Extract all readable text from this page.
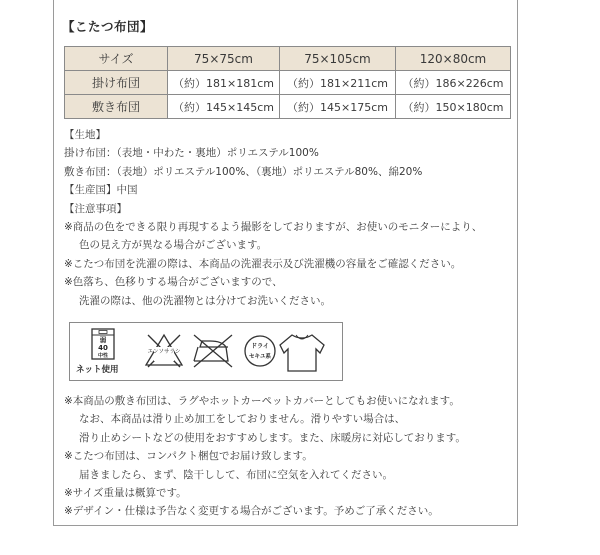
【こたつ布団】
サイズ	75×75cm	75×105cm	120×80cm
掛け布団	（約）181×181cm	（約）181×211cm	（約）186×226cm
敷き布団	（約）145×145cm	（約）145×175cm	（約）150×180cm
【生地】
掛け布団：（表地・中わた・裏地）ポリエステル100%
敷き布団：（表地）ポリエステル100%、（裏地）ポリエステル80%、綿20%
【生産国】中国
【注意事項】
※商品の色をできる限り再現するよう撮影をしておりますが、お使いのモニターにより、
色の見え方が異なる場合がございます。
※こたつ布団を洗濯の際は、本商品の洗濯表示及び洗濯機の容量をご確認ください。
※色落ち、色移りする場合がございますので、
洗濯の際は、他の洗濯物とは分けてお洗いください。
弱
40
中性
エンソサラシ
ドライ
セキユ系
ネット使用
※本商品の敷き布団は、ラグやホットカーペットカバーとしてもお使いになれます。
なお、本商品は滑り止め加工をしておりません。滑りやすい場合は、
滑り止めシートなどの使用をおすすめします。また、床暖房に対応しております。
※こたつ布団は、コンパクト梱包でお届け致します。
届きましたら、まず、陰干しして、布団に空気を入れてください。
※サイズ重量は概算です。
※デザイン・仕様は予告なく変更する場合がございます。予めご了承ください。
